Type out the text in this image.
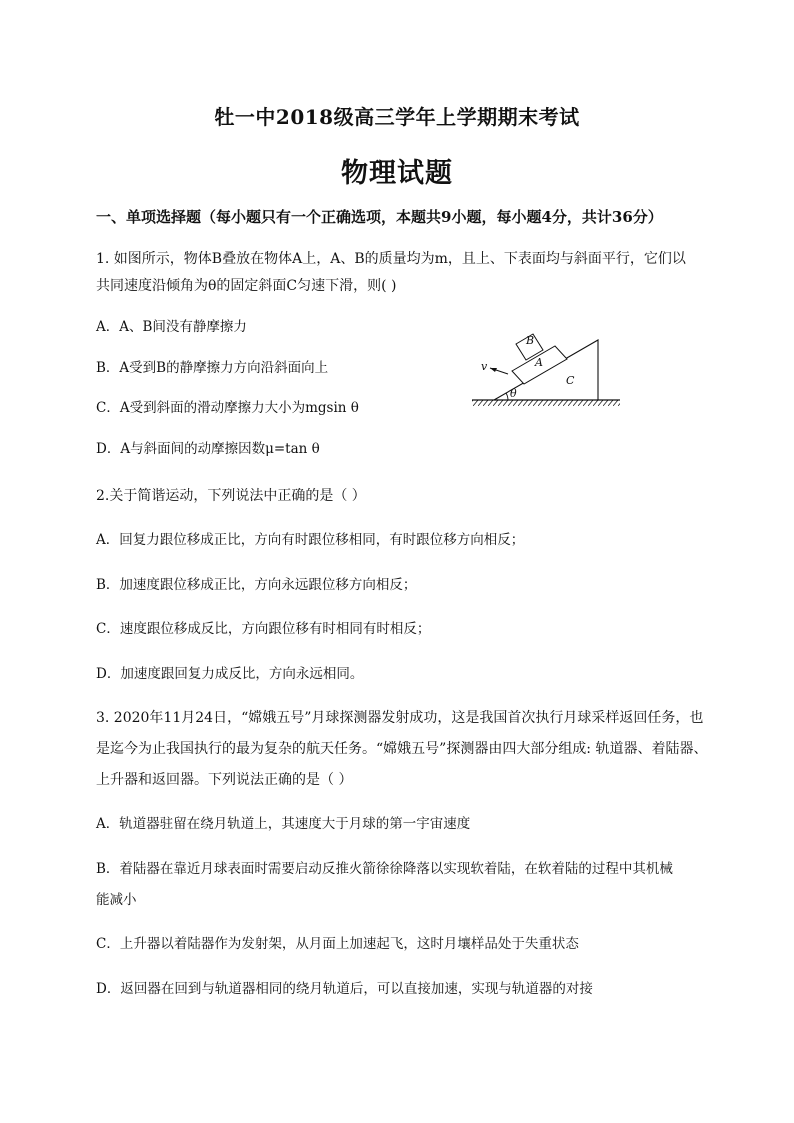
牡一中2018级高三学年上学期期末考试
物理试题
一、单项选择题（每小题只有一个正确选项，本题共9小题，每小题4分，共计36分）
1. 如图所示，物体B叠放在物体A上，A、B的质量均为m，且上、下表面均与斜面平行，它们以
共同速度沿倾角为θ的固定斜面C匀速下滑，则( )
A．A、B间没有静摩擦力
B．A受到B的静摩擦力方向沿斜面向上
C．A受到斜面的滑动摩擦力大小为mgsin θ
D．A与斜面间的动摩擦因数μ=tan θ
B
A
C
v
θ
2.关于简谐运动，下列说法中正确的是（ ）
A．回复力跟位移成正比，方向有时跟位移相同，有时跟位移方向相反；
B．加速度跟位移成正比，方向永远跟位移方向相反；
C．速度跟位移成反比，方向跟位移有时相同有时相反；
D．加速度跟回复力成反比，方向永远相同。
3. 2020年11月24日，“嫦娥五号”月球探测器发射成功，这是我国首次执行月球采样返回任务，也
是迄今为止我国执行的最为复杂的航天任务。“嫦娥五号”探测器由四大部分组成: 轨道器、着陆器、
上升器和返回器。下列说法正确的是（ ）
A．轨道器驻留在绕月轨道上，其速度大于月球的第一宇宙速度
B．着陆器在靠近月球表面时需要启动反推火箭徐徐降落以实现软着陆，在软着陆的过程中其机械
能减小
C．上升器以着陆器作为发射架，从月面上加速起飞，这时月壤样品处于失重状态
D．返回器在回到与轨道器相同的绕月轨道后，可以直接加速，实现与轨道器的对接
